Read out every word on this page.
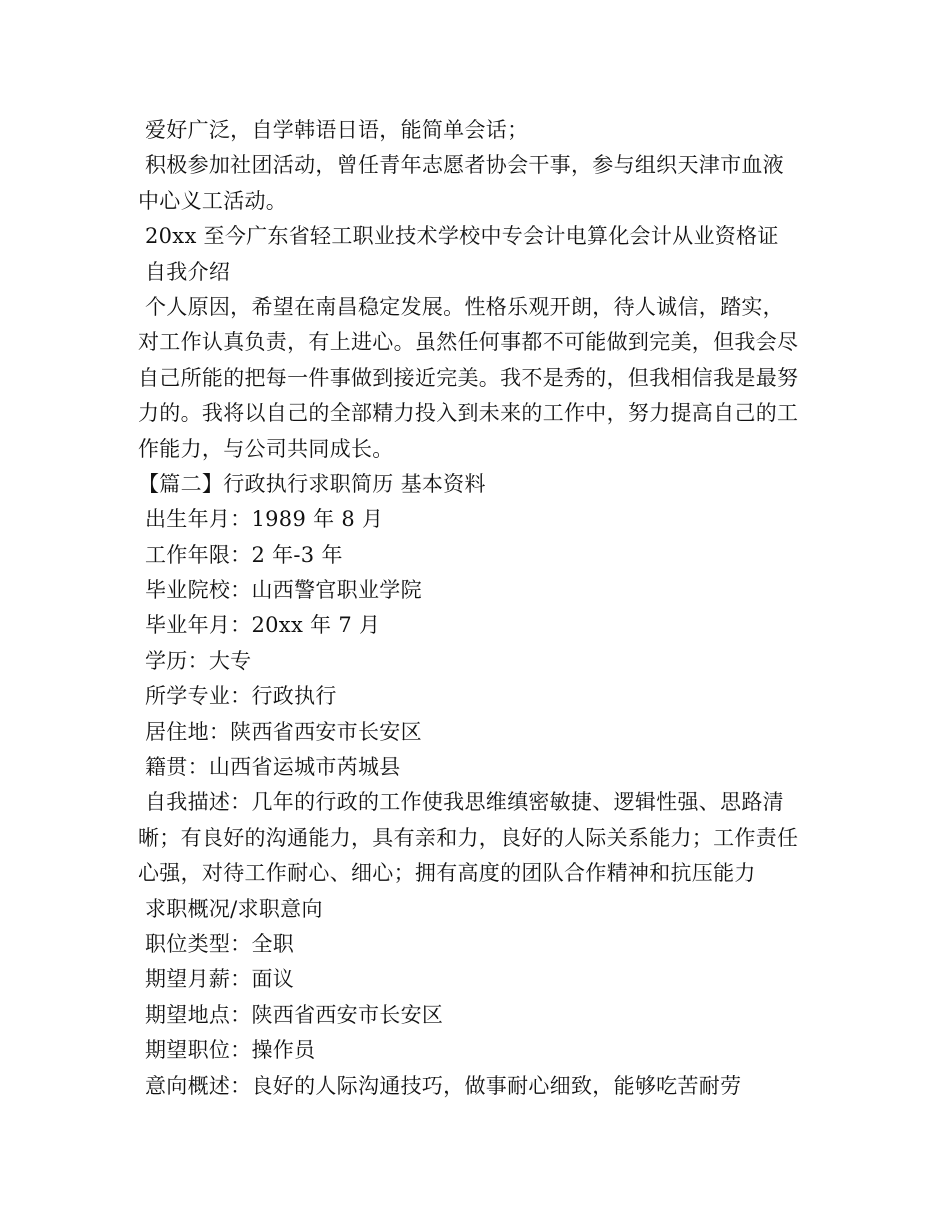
爱好广泛，自学韩语日语，能简单会话；
积极参加社团活动，曾任青年志愿者协会干事，参与组织天津市血液
中心义工活动。
20xx 至今广东省轻工职业技术学校中专会计电算化会计从业资格证
自我介绍
个人原因，希望在南昌稳定发展。性格乐观开朗，待人诚信，踏实，
对工作认真负责，有上进心。虽然任何事都不可能做到完美，但我会尽
自己所能的把每一件事做到接近完美。我不是秀的，但我相信我是最努
力的。我将以自己的全部精力投入到未来的工作中，努力提高自己的工
作能力，与公司共同成长。
【篇二】行政执行求职简历 基本资料
出生年月：1989 年 8 月
工作年限：2 年-3 年
毕业院校：山西警官职业学院
毕业年月：20xx 年 7 月
学历：大专
所学专业：行政执行
居住地：陕西省西安市长安区
籍贯：山西省运城市芮城县
自我描述：几年的行政的工作使我思维缜密敏捷、逻辑性强、思路清
晰；有良好的沟通能力，具有亲和力，良好的人际关系能力；工作责任
心强，对待工作耐心、细心；拥有高度的团队合作精神和抗压能力
求职概况/求职意向
职位类型：全职
期望月薪：面议
期望地点：陕西省西安市长安区
期望职位：操作员
意向概述：良好的人际沟通技巧，做事耐心细致，能够吃苦耐劳
